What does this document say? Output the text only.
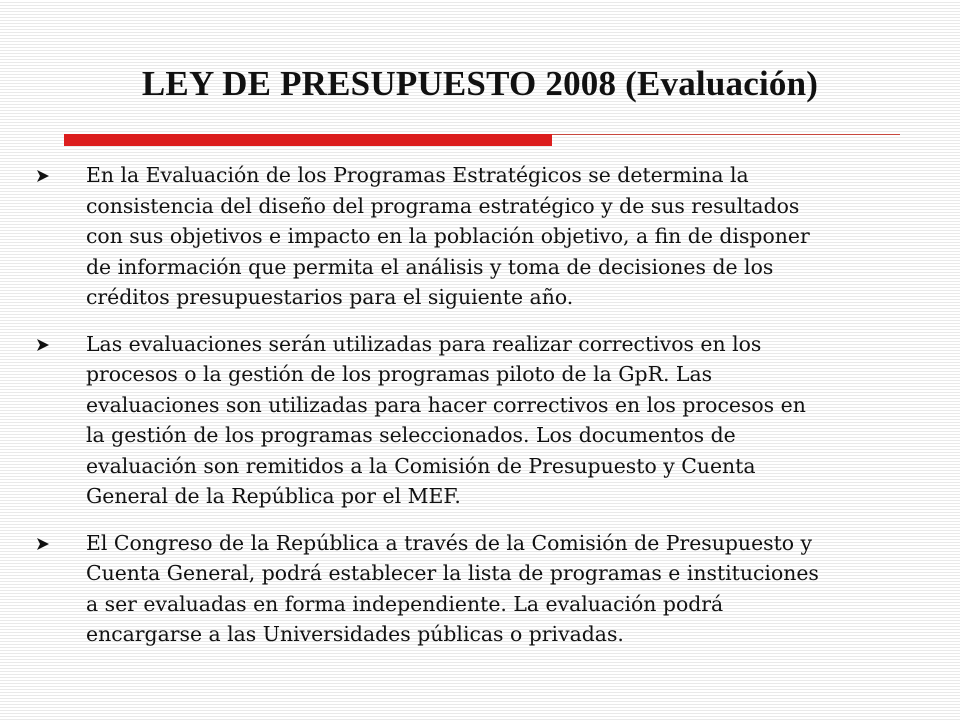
LEY DE PRESUPUESTO 2008 (Evaluación)
En la Evaluación de los Programas Estratégicos se determina la
consistencia del diseño del programa estratégico y de sus resultados
con sus objetivos e impacto en la población objetivo, a fin de disponer
de información que permita el análisis y toma de decisiones de los
créditos presupuestarios para el siguiente año.
Las evaluaciones serán utilizadas para realizar correctivos en los
procesos o la gestión de los programas piloto de la GpR. Las
evaluaciones son utilizadas para hacer correctivos en los procesos en
la gestión de los programas seleccionados. Los documentos de
evaluación son remitidos a la Comisión de Presupuesto y Cuenta
General de la República por el MEF.
El Congreso de la República a través de la Comisión de Presupuesto y
Cuenta General, podrá establecer la lista de programas e instituciones
a ser evaluadas en forma independiente. La evaluación podrá
encargarse a las Universidades públicas o privadas.
